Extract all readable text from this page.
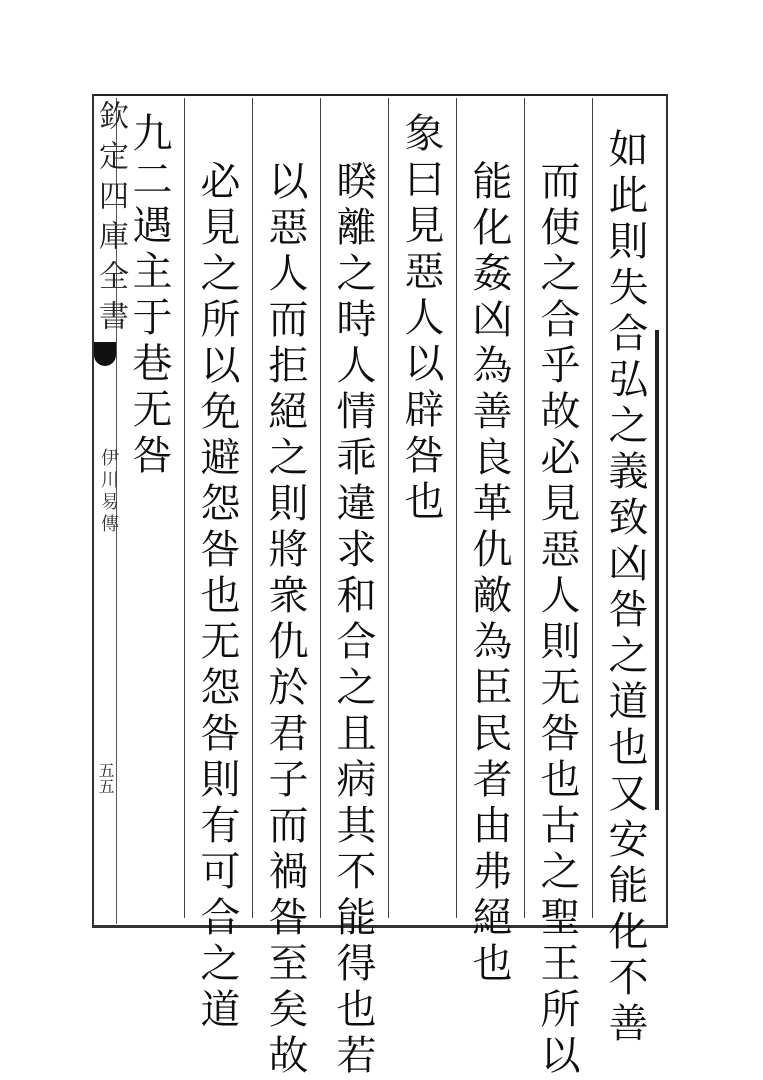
欽定四庫全書
伊川易傳
五五	如此則失合弘之義致凶咎之道也又安能化不善
而使之合乎故必見惡人則无咎也古之聖王所以
能化姦凶為善良革仇敵為臣民者由弗絕也
象曰見惡人以辟咎也
睽離之時人情乖違求和合之且病其不能得也若
以惡人而拒絕之則將衆仇於君子而禍咎至矣故
必見之所以免避怨咎也无怨咎則有可合之道
九二遇主于巷无咎
